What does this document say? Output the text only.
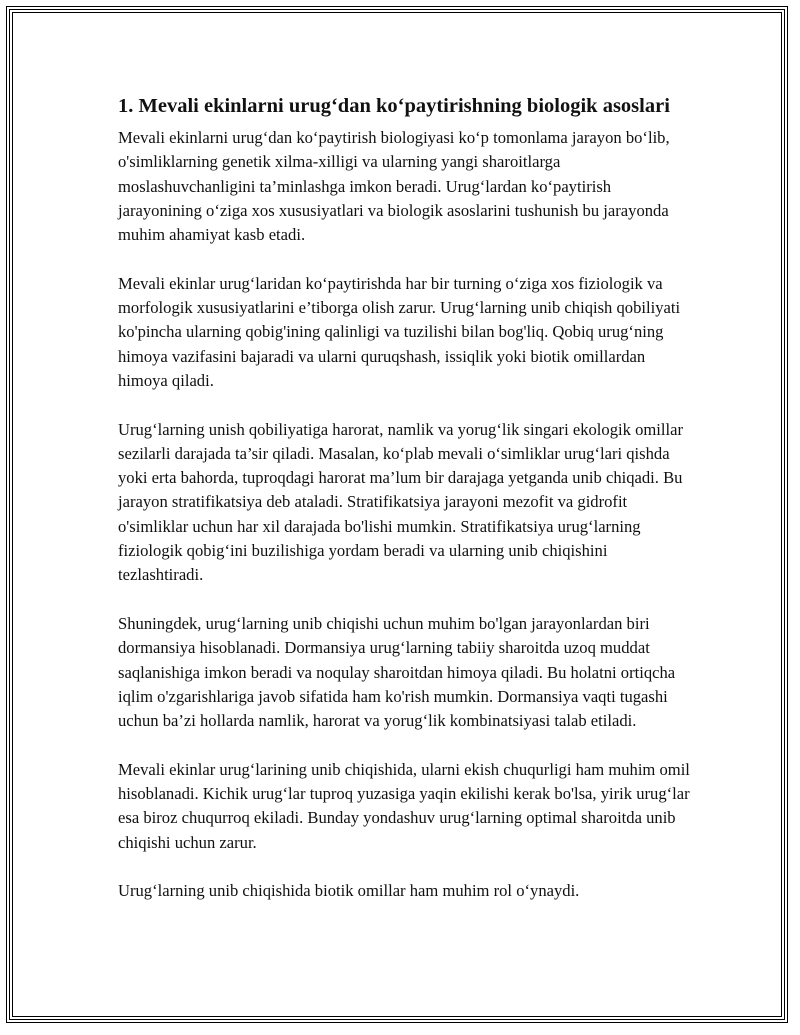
1. Mevali ekinlarni urug‘dan ko‘paytirishning biologik asoslari

Mevali ekinlarni urug‘dan ko‘paytirish biologiyasi ko‘p tomonlama jarayon bo‘lib, o'simliklarning genetik xilma-xilligi va ularning yangi sharoitlarga moslashuvchanligini ta’minlashga imkon beradi. Urug‘lardan ko‘paytirish jarayonining o‘ziga xos xususiyatlari va biologik asoslarini tushunish bu jarayonda muhim ahamiyat kasb etadi.

Mevali ekinlar urug‘laridan ko‘paytirishda har bir turning o‘ziga xos fiziologik va morfologik xususiyatlarini e’tiborga olish zarur. Urug‘larning unib chiqish qobiliyati ko'pincha ularning qobig'ining qalinligi va tuzilishi bilan bog'liq. Qobiq urug‘ning himoya vazifasini bajaradi va ularni quruqshash, issiqlik yoki biotik omillardan himoya qiladi.

Urug‘larning unish qobiliyatiga harorat, namlik va yorug‘lik singari ekologik omillar sezilarli darajada ta’sir qiladi. Masalan, ko‘plab mevali o‘simliklar urug‘lari qishda yoki erta bahorda, tuproqdagi harorat ma’lum bir darajaga yetganda unib chiqadi. Bu jarayon stratifikatsiya deb ataladi. Stratifikatsiya jarayoni mezofit va gidrofit o'simliklar uchun har xil darajada bo'lishi mumkin. Stratifikatsiya urug‘larning fiziologik qobig‘ini buzilishiga yordam beradi va ularning unib chiqishini tezlashtiradi.

Shuningdek, urug‘larning unib chiqishi uchun muhim bo'lgan jarayonlardan biri dormansiya hisoblanadi. Dormansiya urug‘larning tabiiy sharoitda uzoq muddat saqlanishiga imkon beradi va noqulay sharoitdan himoya qiladi. Bu holatni ortiqcha iqlim o'zgarishlariga javob sifatida ham ko'rish mumkin. Dormansiya vaqti tugashi uchun ba’zi hollarda namlik, harorat va yorug‘lik kombinatsiyasi talab etiladi.

Mevali ekinlar urug‘larining unib chiqishida, ularni ekish chuqurligi ham muhim omil hisoblanadi. Kichik urug‘lar tuproq yuzasiga yaqin ekilishi kerak bo'lsa, yirik urug‘lar esa biroz chuqurroq ekiladi. Bunday yondashuv urug‘larning optimal sharoitda unib chiqishi uchun zarur.

Urug‘larning unib chiqishida biotik omillar ham muhim rol o‘ynaydi.
